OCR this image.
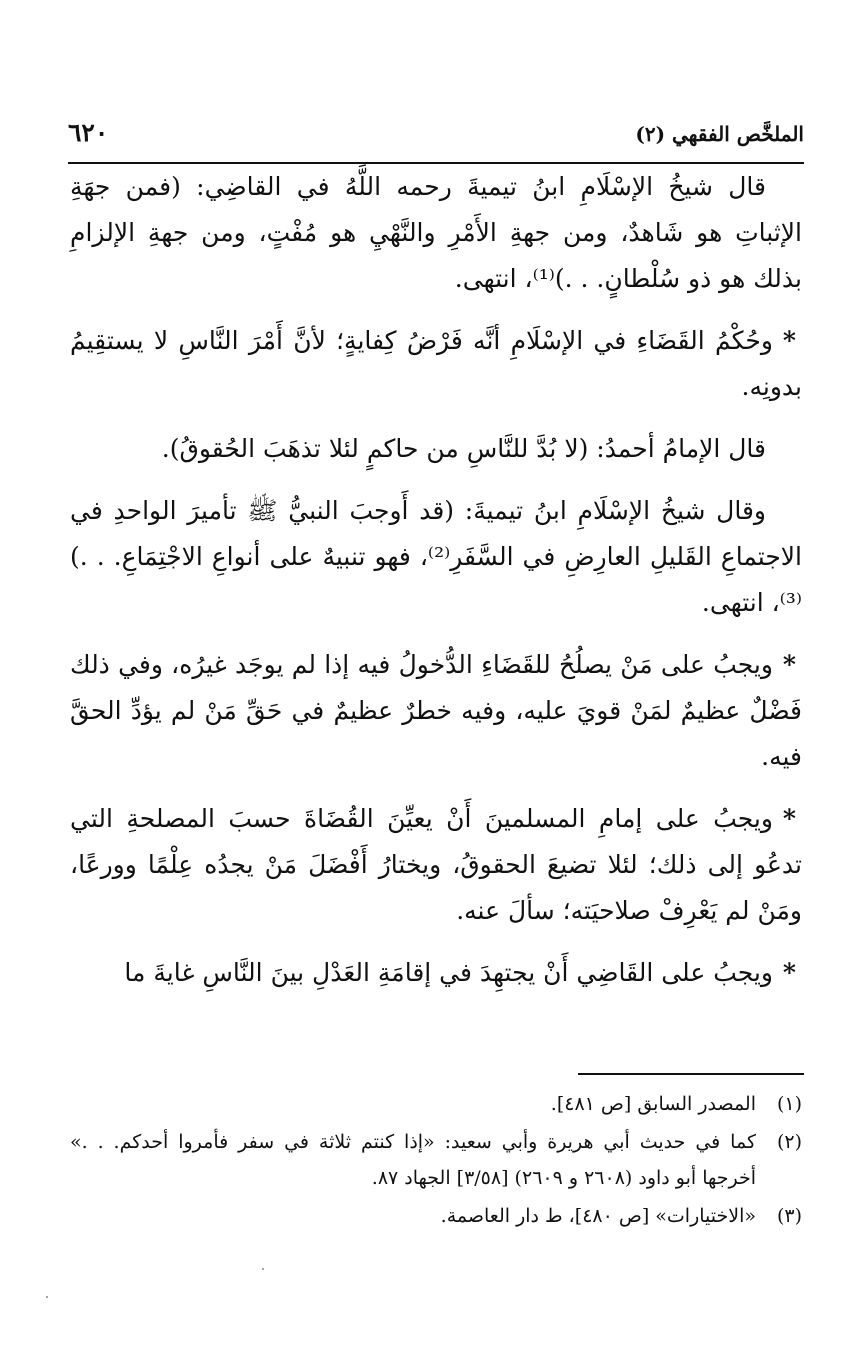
الملخَّص الفقهي (٢)
٦٢٠

قال شيخُ الإسْلَامِ ابنُ تيميةَ رحمه اللَّهُ في القاضِي: (فمن جهَةِ الإثباتِ هو شَاهدٌ، ومن جهةِ الأَمْرِ والنَّهْيِ هو مُفْتٍ، ومن جهةِ الإلزامِ بذلك هو ذو سُلْطانٍ. . .)⁽¹⁾، انتهى.

*وحُكْمُ القَضَاءِ في الإسْلَامِ أنَّه فَرْضُ كِفايةٍ؛ لأنَّ أَمْرَ النَّاسِ لا يستقِيمُ بدونِه.

قال الإمامُ أحمدُ: (لا بُدَّ للنَّاسِ من حاكمٍ لئلا تذهَبَ الحُقوقُ).

وقال شيخُ الإسْلَامِ ابنُ تيميةَ: (قد أَوجبَ النبيُّ ﷺ تأميرَ الواحدِ في الاجتماعِ القَليلِ العارِضِ في السَّفَرِ⁽²⁾، فهو تنبيهٌ على أنواعِ الاجْتِمَاعِ. . .)⁽³⁾، انتهى.

*ويجبُ على مَنْ يصلُحُ للقَضَاءِ الدُّخولُ فيه إذا لم يوجَد غيرُه، وفي ذلك فَضْلٌ عظيمٌ لمَنْ قويَ عليه، وفيه خطرٌ عظيمٌ في حَقِّ مَنْ لم يؤدِّ الحقَّ فيه.

*ويجبُ على إمامِ المسلمينَ أَنْ يعيِّنَ القُضَاةَ حسبَ المصلحةِ التي تدعُو إلى ذلك؛ لئلا تضيعَ الحقوقُ، ويختارُ أَفْضَلَ مَنْ يجدُه عِلْمًا وورعًا، ومَنْ لم يَعْرِفْ صلاحيَته؛ سألَ عنه.

*ويجبُ على القَاضِي أَنْ يجتهِدَ في إقامَةِ العَدْلِ بينَ النَّاسِ غايةَ ما

(١)
المصدر السابق [ص ٤٨١].
(٢)
كما في حديث أبي هريرة وأبي سعيد: «إذا كنتم ثلاثة في سفر فأمروا أحدكم. . .» أخرجها أبو داود (٢٦٠٨ و ٢٦٠٩) [٣/٥٨] الجهاد ٨٧.
(٣)
«الاختيارات» [ص ٤٨٠]، ط دار العاصمة.
